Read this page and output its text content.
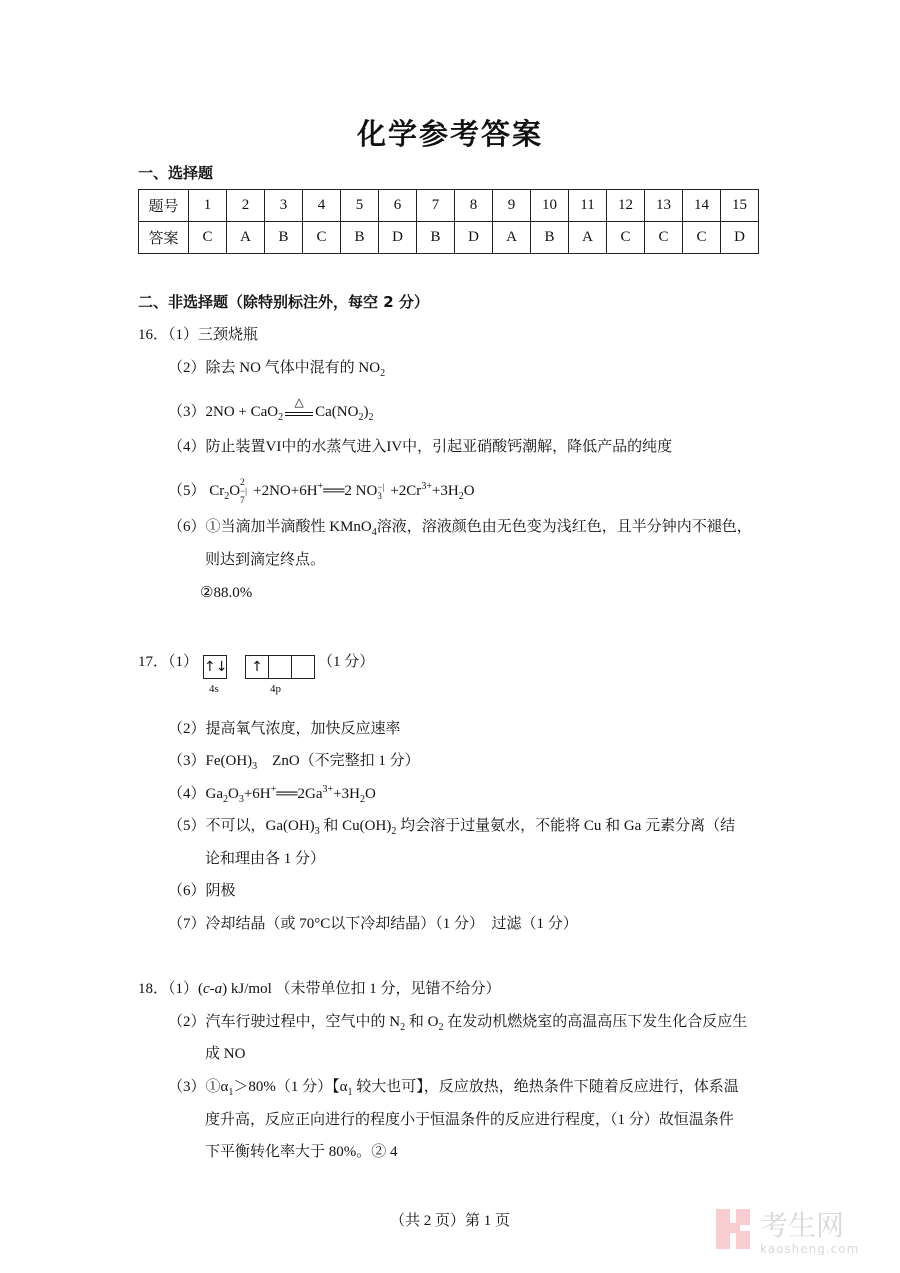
化学参考答案
一、选择题
题号	1	2	3	4	5	6	7	8	9	10	11	12	13	14	15
答案	C	A	B	C	B	D	B	D	A	B	A	C	C	C	D
二、非选择题（除特别标注外，每空 2 分）
16．（1）三颈烧瓶
（2）除去 NO 气体中混有的 $NO_2$
（3）2NO + CaO$_2$
△
$Ca(NO_2)_2$
（4）防止装置VI中的水蒸气进入IV中，引起亚硝酸钙潮解，降低产品的纯度
（5） $Cr_2O2-|7+2NO+6H^+══2$ $NO-|3 +2Cr^{3+}+3H_2O$
（6）①当滴加半滴酸性 KMnO$_4$溶液，溶液颜色由无色变为浅红色，且半分钟内不褪色，
则达到滴定终点。
②88.0%
17．（1）	（1 分）
（2）提高氧气浓度，加快反应速率
$(3)Fe(OH)_3$　ZnO（不完整扣 1 分）
$(4)Ga_2O_3+6H^+══2Ga^{3+}+3H_2O$
（5）不可以，$Ga(OH)_3$ 和 $Cu(OH)_2$ 均会溶于过量氨水，不能将 Cu 和 Ga 元素分离（结
论和理由各 1 分）
（6）阴极
（7）冷却结晶（或 70°C以下冷却结晶）（1 分）　过滤（1 分）
18．（1）(c-a) kJ/mol （未带单位扣 1 分，见错不给分）
（2）汽车行驶过程中，空气中的 $N_2$ 和 $O_2$ 在发动机燃烧室的高温高压下发生化合反应生
成 NO
$(3)①\alpha_1>80\%(1$ 分）【$\alpha_1$ 较大也可】，反应放热，绝热条件下随着反应进行，体系温
度升高，反应正向进行的程度小于恒温条件的反应进行程度，（1 分）故恒温条件
下平衡转化率大于 80%。② 4
↑↓	↑
4s	4p
（共 2 页）第 1 页	考生网
kaosheng.com
